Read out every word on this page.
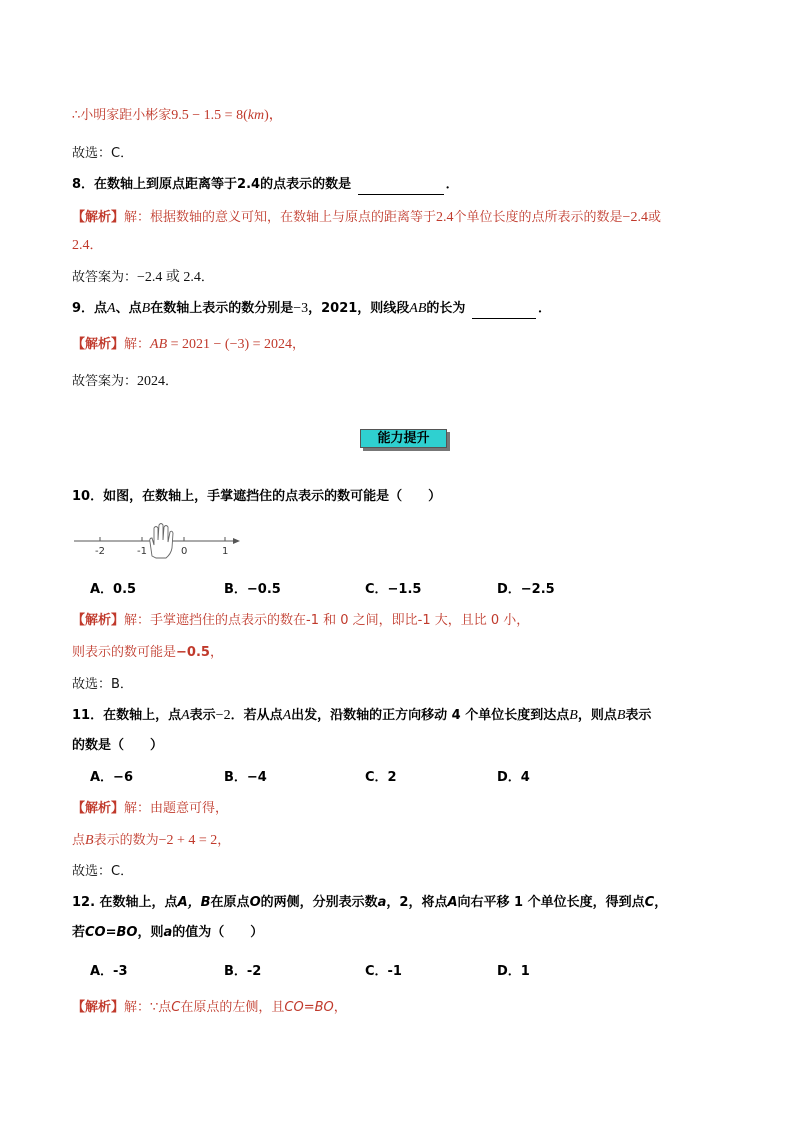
∴小明家距小彬家9.5 − 1.5 = 8(km)，
故选：C．
8．在数轴上到原点距离等于2.4的点表示的数是	．
【解析】解：根据数轴的意义可知，在数轴上与原点的距离等于2.4个单位长度的点所表示的数是−2.4或
2.4．
故答案为：−2.4 或 2.4．
9．点A、点B在数轴上表示的数分别是−3，2021，则线段AB的长为	．
【解析】解：AB = 2021 − (−3) = 2024，
故答案为：2024．
能力提升
10．如图，在数轴上，手掌遮挡住的点表示的数可能是（　　）
-2	-1	0	1
A．0.5	B．−0.5	C．−1.5	D．−2.5
【解析】解：手掌遮挡住的点表示的数在-1 和 0 之间，即比-1 大，且比 0 小，
则表示的数可能是−0.5，
故选：B．
11．在数轴上，点A表示−2．若从点A出发，沿数轴的正方向移动 4 个单位长度到达点B，则点B表示
的数是（　　）
A．−6	B．−4	C．2	D．4
【解析】解：由题意可得，
点B表示的数为−2 + 4 = 2，
故选：C．
12. 在数轴上，点A，B在原点O的两侧，分别表示数a，2，将点A向右平移 1 个单位长度，得到点C，
若CO=BO，则a的值为（　　）
A．-3	B．-2	C．-1	D．1
【解析】解：∵点C在原点的左侧，且CO=BO，
